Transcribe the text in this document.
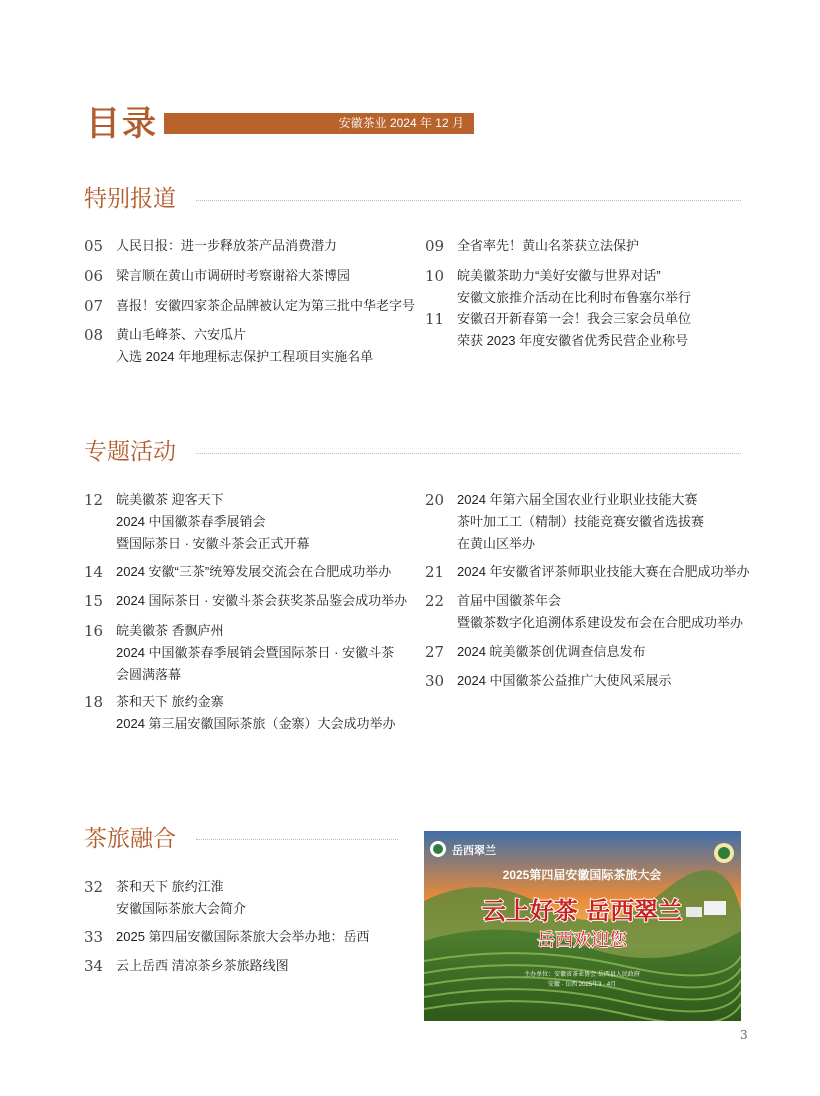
目录	安徽茶业 2024 年 12 月
特别报道
05 人民日报：进一步释放茶产品消费潜力
06 梁言顺在黄山市调研时考察谢裕大茶博园
07 喜报！安徽四家茶企品牌被认定为第三批中华老字号
08 黄山毛峰茶、六安瓜片
入选 2024 年地理标志保护工程项目实施名单
09 全省率先！黄山名茶获立法保护
10 皖美徽茶助力“美好安徽与世界对话”
安徽文旅推介活动在比利时布鲁塞尔举行
11 安徽召开新春第一会！我会三家会员单位
荣获 2023 年度安徽省优秀民营企业称号
专题活动
12 皖美徽茶 迎客天下
2024 中国徽茶春季展销会
暨国际茶日 · 安徽斗茶会正式开幕
14 2024 安徽“三茶”统筹发展交流会在合肥成功举办
15 2024 国际茶日 · 安徽斗茶会获奖茶品鉴会成功举办
16 皖美徽茶 香飘庐州
2024 中国徽茶春季展销会暨国际茶日 · 安徽斗茶
会圆满落幕
18 茶和天下 旅约金寨
2024 第三届安徽国际茶旅（金寨）大会成功举办
20 2024 年第六届全国农业行业职业技能大赛
茶叶加工工（精制）技能竞赛安徽省选拔赛
在黄山区举办
21 2024 年安徽省评茶师职业技能大赛在合肥成功举办
22 首届中国徽茶年会
暨徽茶数字化追溯体系建设发布会在合肥成功举办
27 2024 皖美徽茶创优调查信息发布
30 2024 中国徽茶公益推广大使风采展示
茶旅融合
32 茶和天下 旅约江淮
安徽国际茶旅大会简介
33 2025 第四届安徽国际茶旅大会举办地：岳西
34 云上岳西 清凉茶乡茶旅路线图
岳西翠兰
2025第四届安徽国际茶旅大会
云上好茶 岳西翠兰
岳西欢迎您
主办单位：安徽省茶业协会 岳西县人民政府
安徽 · 岳西 2025年3 · 4月
3
